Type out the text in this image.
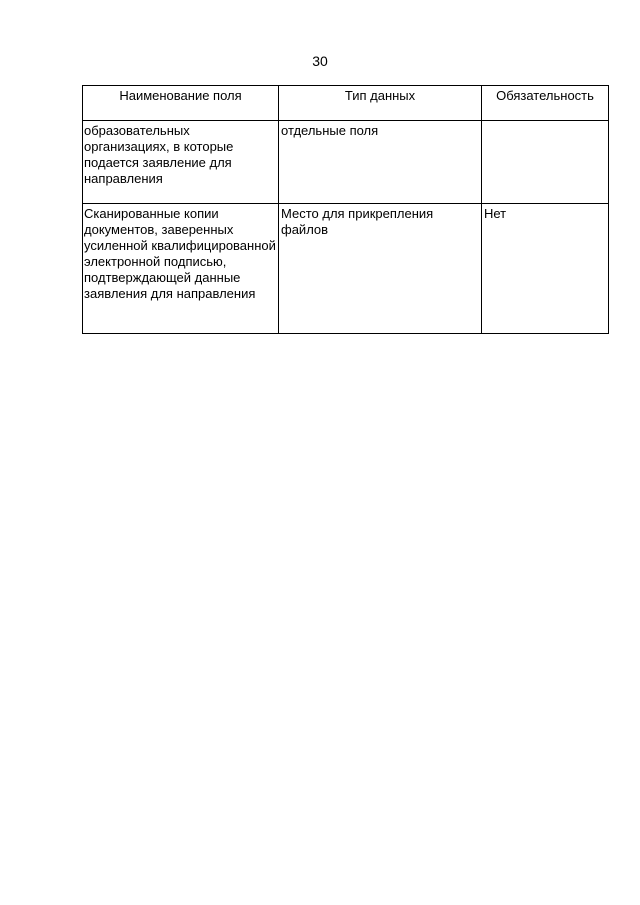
30
Наименование поля	Тип данных	Обязательность
образовательных организациях, в которые подается заявление для направления	отдельные поля	
Сканированные копии документов, заверенных усиленной квалифицированной электронной подписью, подтверждающей данные заявления для направления	Место для прикрепления файлов	Нет
